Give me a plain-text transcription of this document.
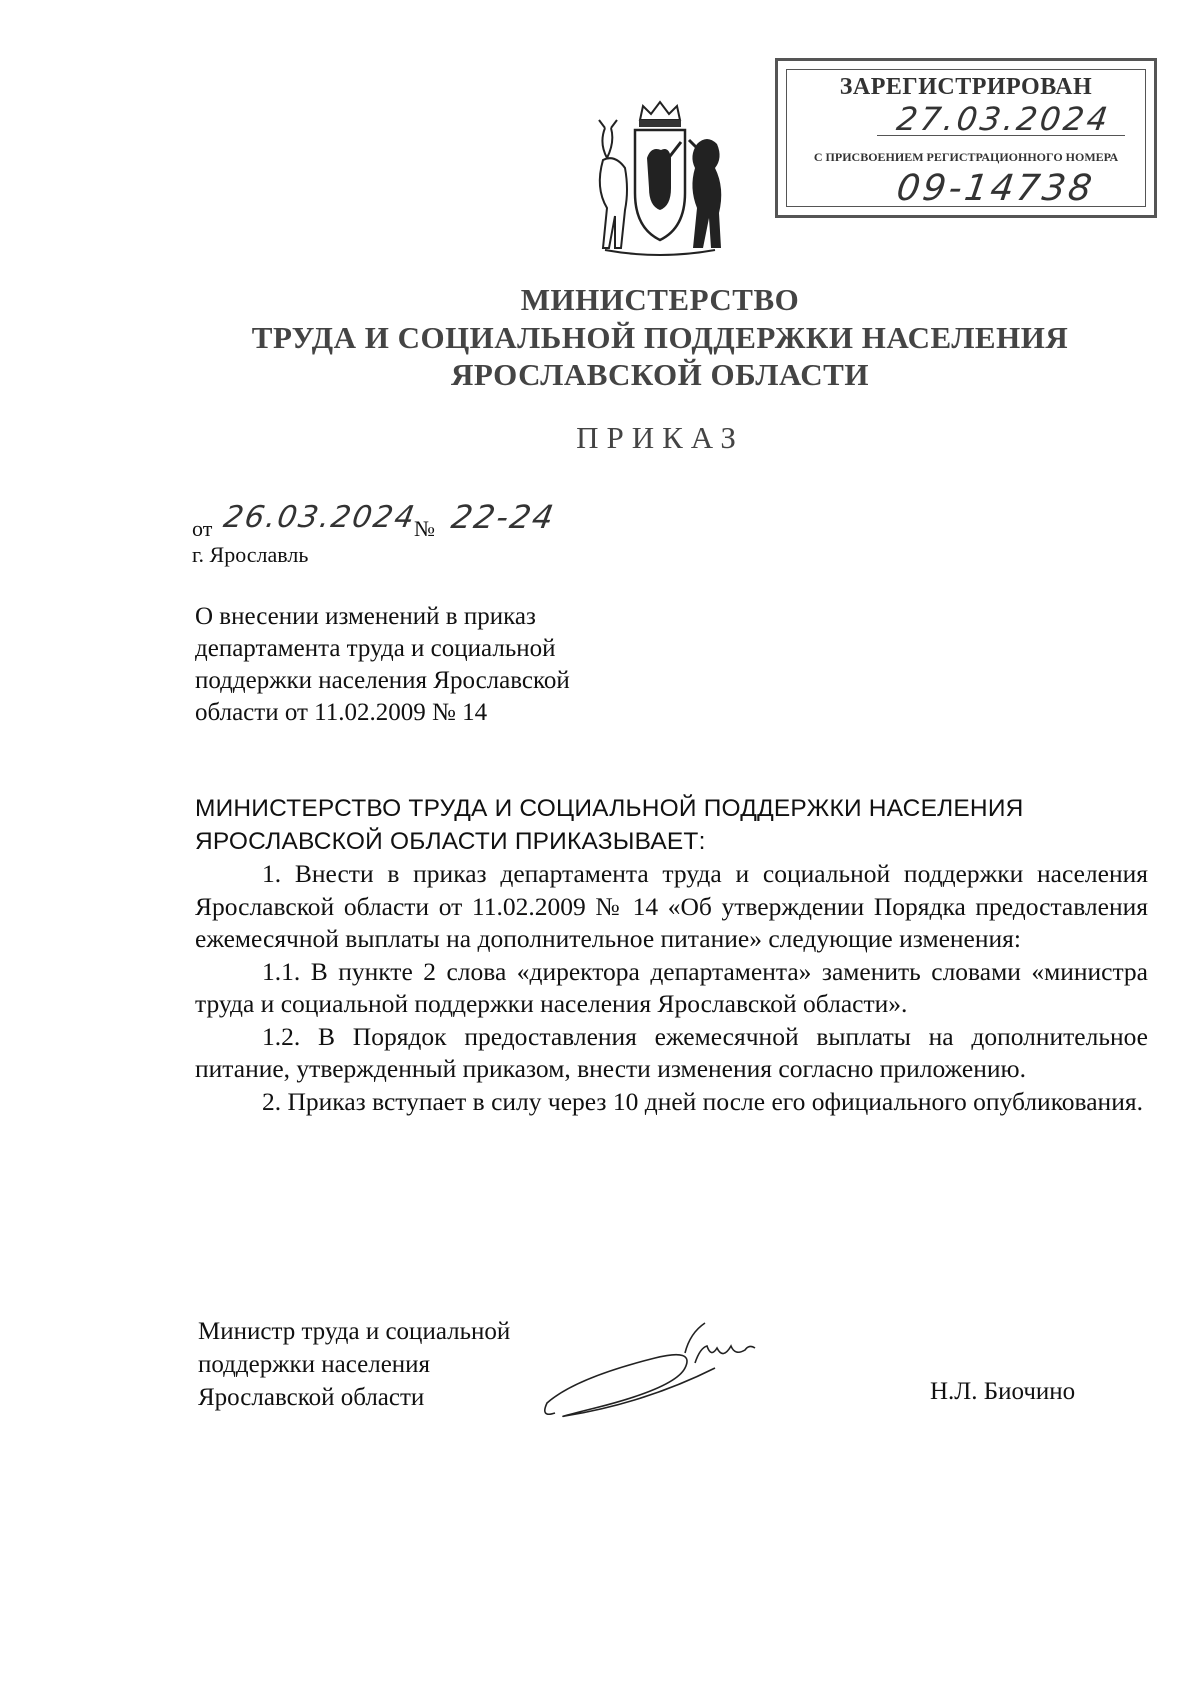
ЗАРЕГИСТРИРОВАН
27.03.2024
С ПРИСВОЕНИЕМ РЕГИСТРАЦИОННОГО НОМЕРА
09-14738
МИНИСТЕРСТВО
ТРУДА И СОЦИАЛЬНОЙ ПОДДЕРЖКИ НАСЕЛЕНИЯ
ЯРОСЛАВСКОЙ ОБЛАСТИ
ПРИКАЗ
от 26.03.2024
№ 22-24
г. Ярославль
О внесении изменений в приказ
департамента труда и социальной
поддержки населения Ярославской
области от 11.02.2009 № 14
МИНИСТЕРСТВО ТРУДА И СОЦИАЛЬНОЙ ПОДДЕРЖКИ НАСЕЛЕНИЯ ЯРОСЛАВСКОЙ ОБЛАСТИ ПРИКАЗЫВАЕТ:

1. Внести в приказ департамента труда и социальной поддержки населения Ярославской области от 11.02.2009 № 14 «Об утверждении Порядка предоставления ежемесячной выплаты на дополнительное питание» следующие изменения:

1.1. В пункте 2 слова «директора департамента» заменить словами «министра труда и социальной поддержки населения Ярославской области».

1.2. В Порядок предоставления ежемесячной выплаты на дополнительное питание, утвержденный приказом, внести изменения согласно приложению.

2. Приказ вступает в силу через 10 дней после его официального опубликования.

Министр труда и социальной
поддержки населения
Ярославской области	Н.Л. Биочино
